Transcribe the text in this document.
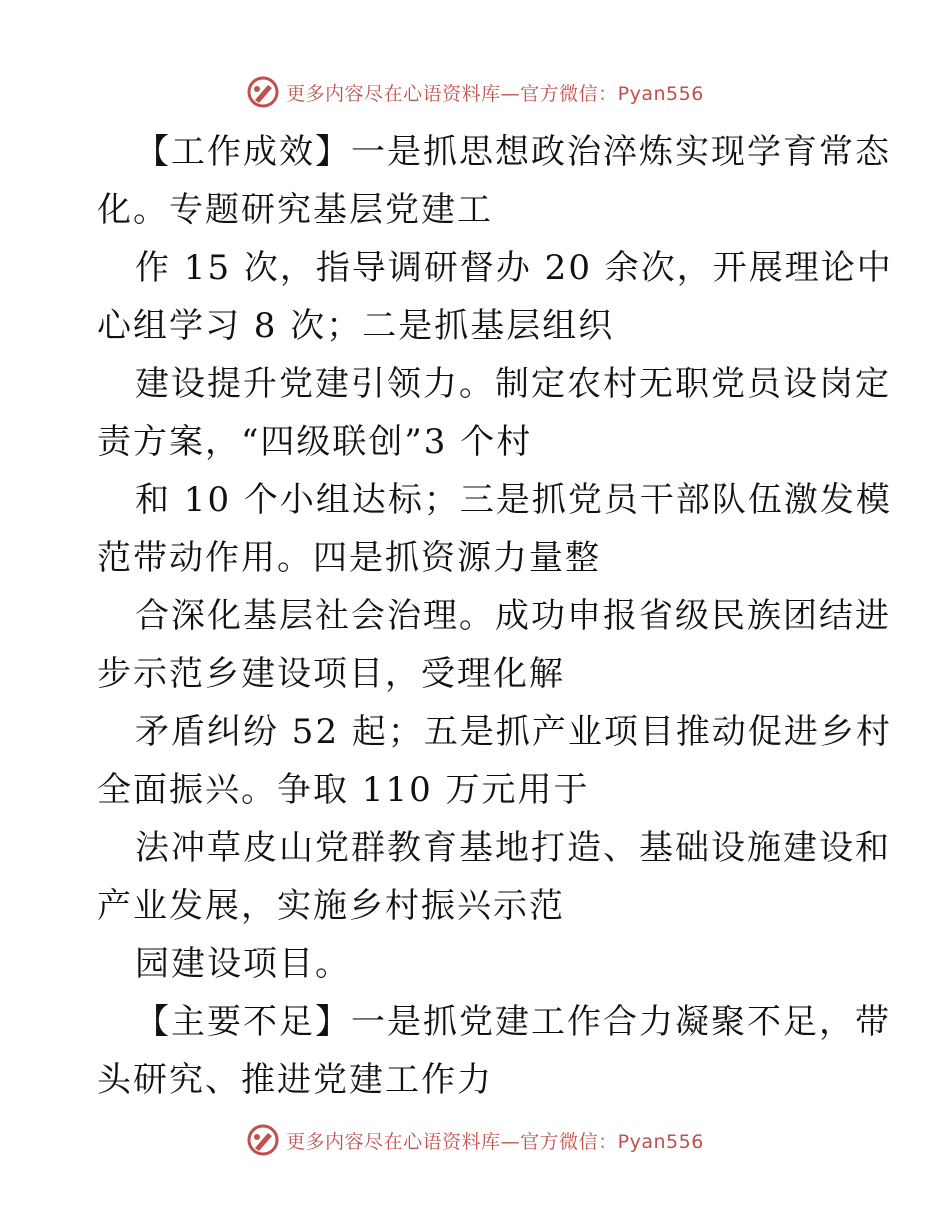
更多内容尽在心语资料库—官方微信：Pyan556
【工作成效】一是抓思想政治淬炼实现学育常态
化。专题研究基层党建工
作 15 次，指导调研督办 20 余次，开展理论中
心组学习 8 次；二是抓基层组织
建设提升党建引领力。制定农村无职党员设岗定
责方案，“四级联创”3 个村
和 10 个小组达标；三是抓党员干部队伍激发模
范带动作用。四是抓资源力量整
合深化基层社会治理。成功申报省级民族团结进
步示范乡建设项目，受理化解
矛盾纠纷 52 起；五是抓产业项目推动促进乡村
全面振兴。争取 110 万元用于
法冲草皮山党群教育基地打造、基础设施建设和
产业发展，实施乡村振兴示范
园建设项目。
【主要不足】一是抓党建工作合力凝聚不足，带
头研究、推进党建工作力
更多内容尽在心语资料库—官方微信：Pyan556
